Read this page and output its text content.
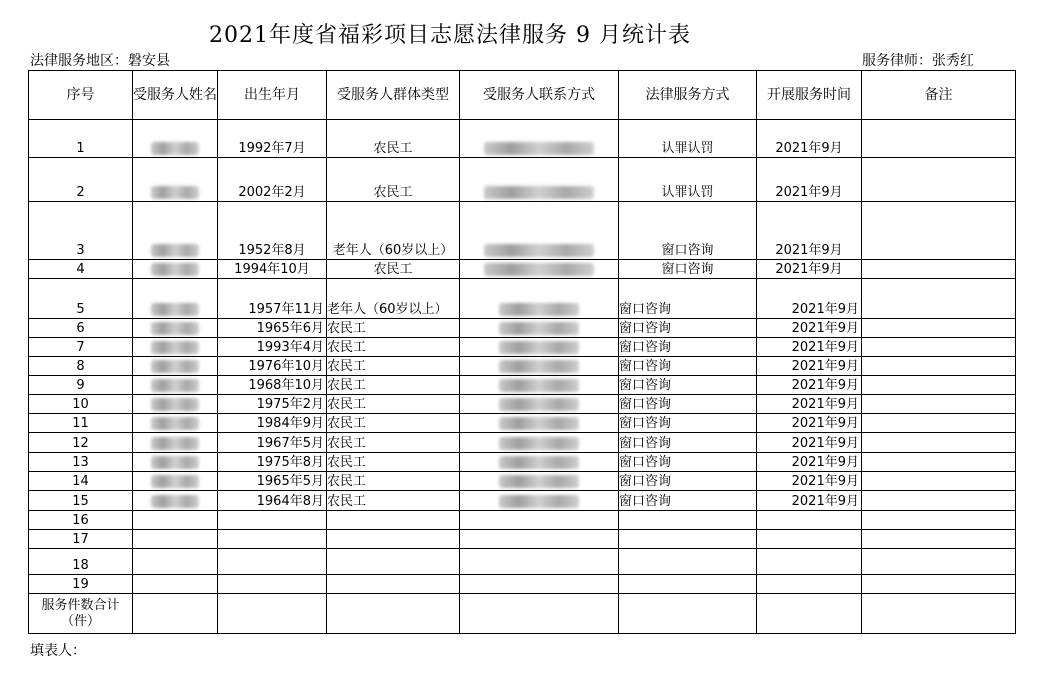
2021年度省福彩项目志愿法律服务 9 月统计表
法律服务地区：磐安县	服务律师：张秀红
序号	受服务人姓名	出生年月	受服务人群体类型	受服务人联系方式	法律服务方式	开展服务时间	备注
1		1992年7月	农民工		认罪认罚	2021年9月	
2		2002年2月	农民工		认罪认罚	2021年9月	
3		1952年8月	老年人（60岁以上）		窗口咨询	2021年9月	
4		1994年10月	农民工		窗口咨询	2021年9月	
5		1957年11月	老年人（60岁以上）		窗口咨询	2021年9月	
6		1965年6月	农民工		窗口咨询	2021年9月	
7		1993年4月	农民工		窗口咨询	2021年9月	
8		1976年10月	农民工		窗口咨询	2021年9月	
9		1968年10月	农民工		窗口咨询	2021年9月	
10		1975年2月	农民工		窗口咨询	2021年9月	
11		1984年9月	农民工		窗口咨询	2021年9月	
12		1967年5月	农民工		窗口咨询	2021年9月	
13		1975年8月	农民工		窗口咨询	2021年9月	
14		1965年5月	农民工		窗口咨询	2021年9月	
15		1964年8月	农民工		窗口咨询	2021年9月	
16							
17							
18							
19							
服务件数合计（件）							
填表人：
